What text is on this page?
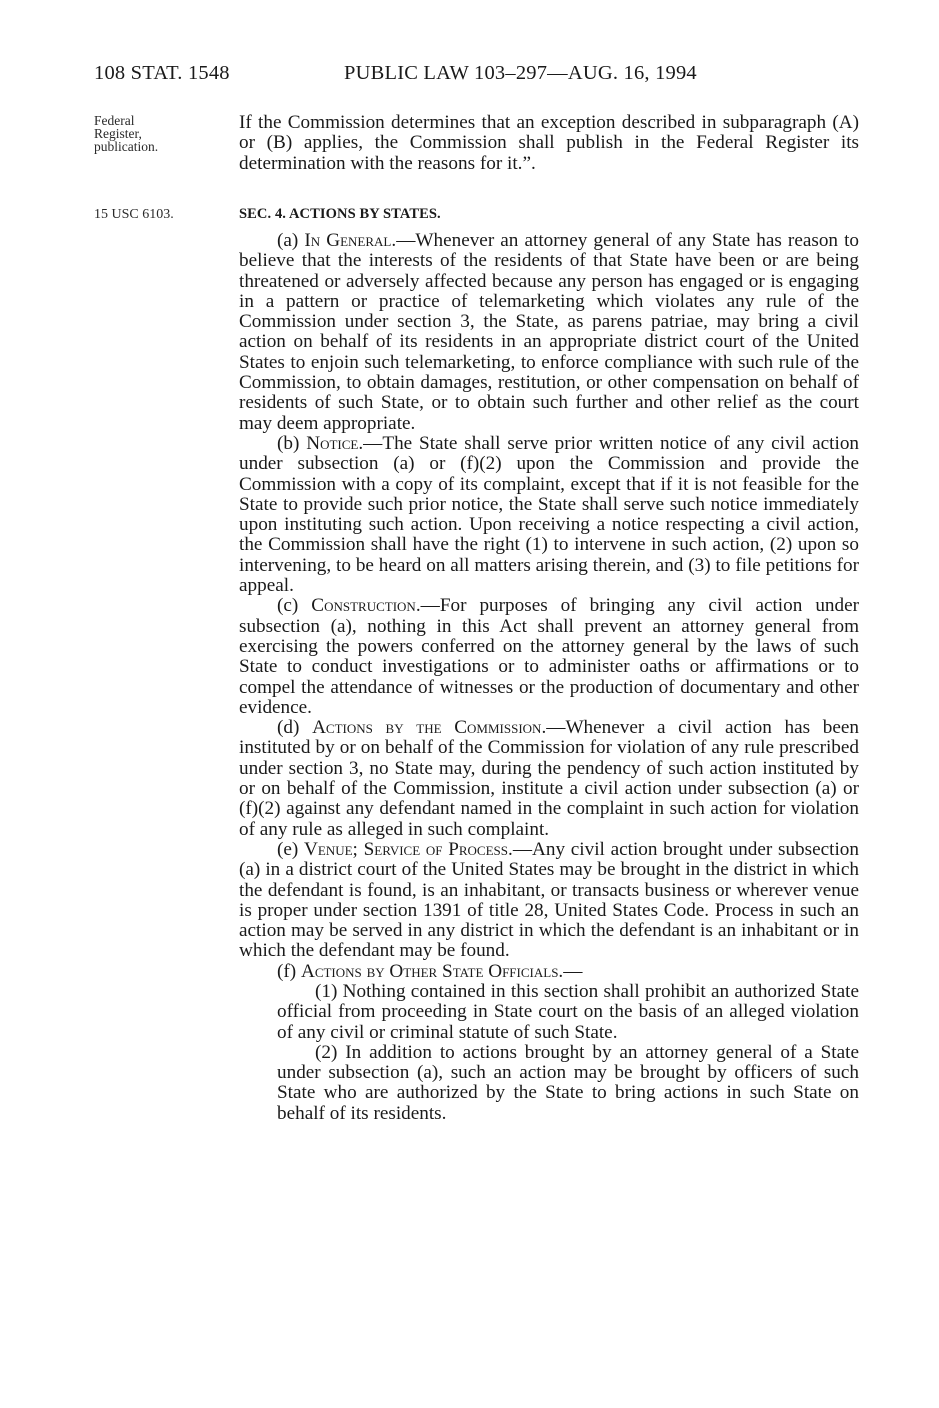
108 STAT. 1548	PUBLIC LAW 103–297—AUG. 16, 1994
Federal
Register,
publication.
15 USC 6103.

If the Commission determines that an exception described in subparagraph (A) or (B) applies, the Commission shall publish in the Federal Register its determination with the reasons for it.”.

SEC. 4. ACTIONS BY STATES.

(a) In General.—Whenever an attorney general of any State has reason to believe that the interests of the residents of that State have been or are being threatened or adversely affected because any person has engaged or is engaging in a pattern or practice of telemarketing which violates any rule of the Commission under section 3, the State, as parens patriae, may bring a civil action on behalf of its residents in an appropriate district court of the United States to enjoin such telemarketing, to enforce compliance with such rule of the Commission, to obtain damages, restitution, or other compensation on behalf of residents of such State, or to obtain such further and other relief as the court may deem appropriate.

(b) Notice.—The State shall serve prior written notice of any civil action under subsection (a) or (f)(2) upon the Commission and provide the Commission with a copy of its complaint, except that if it is not feasible for the State to provide such prior notice, the State shall serve such notice immediately upon instituting such action. Upon receiving a notice respecting a civil action, the Commission shall have the right (1) to intervene in such action, (2) upon so intervening, to be heard on all matters arising therein, and (3) to file petitions for appeal.

(c) Construction.—For purposes of bringing any civil action under subsection (a), nothing in this Act shall prevent an attorney general from exercising the powers conferred on the attorney general by the laws of such State to conduct investigations or to administer oaths or affirmations or to compel the attendance of witnesses or the production of documentary and other evidence.

(d) Actions by the Commission.—Whenever a civil action has been instituted by or on behalf of the Commission for violation of any rule prescribed under section 3, no State may, during the pendency of such action instituted by or on behalf of the Commission, institute a civil action under subsection (a) or (f)(2) against any defendant named in the complaint in such action for violation of any rule as alleged in such complaint.

(e) Venue; Service of Process.—Any civil action brought under subsection (a) in a district court of the United States may be brought in the district in which the defendant is found, is an inhabitant, or transacts business or wherever venue is proper under section 1391 of title 28, United States Code. Process in such an action may be served in any district in which the defendant is an inhabitant or in which the defendant may be found.

(f) Actions by Other State Officials.—

(1) Nothing contained in this section shall prohibit an authorized State official from proceeding in State court on the basis of an alleged violation of any civil or criminal statute of such State.

(2) In addition to actions brought by an attorney general of a State under subsection (a), such an action may be brought by officers of such State who are authorized by the State to bring actions in such State on behalf of its residents.
